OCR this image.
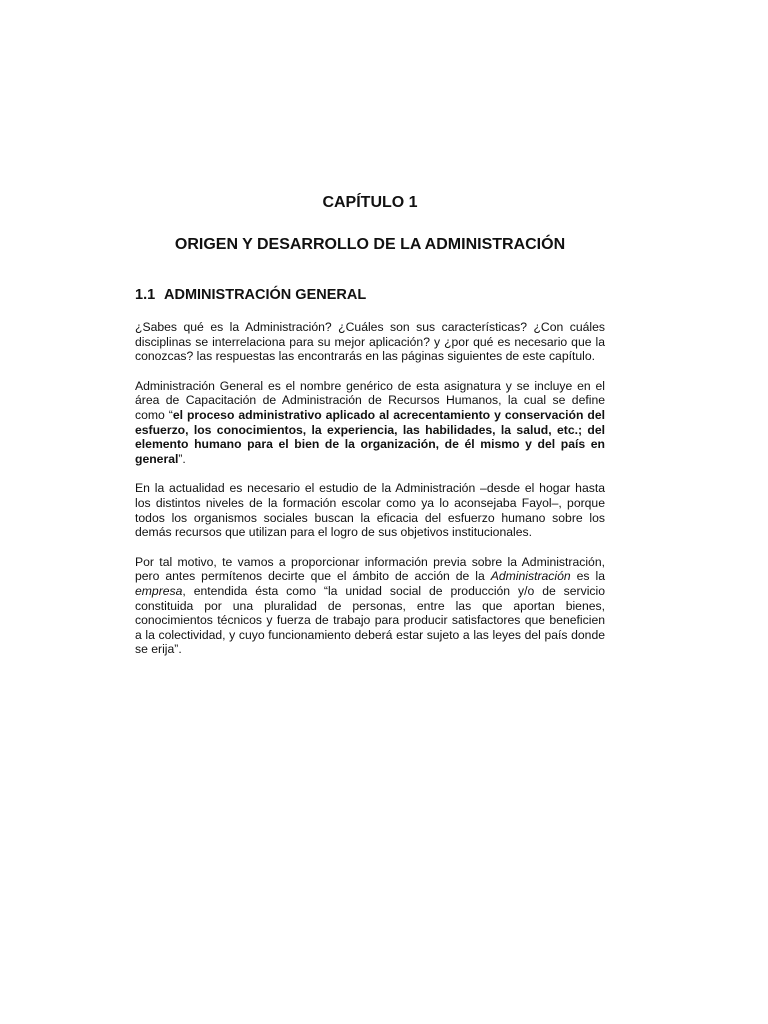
CAPÍTULO 1
ORIGEN Y DESARROLLO DE LA ADMINISTRACIÓN
1.1 ADMINISTRACIÓN GENERAL

¿Sabes qué es la Administración? ¿Cuáles son sus características? ¿Con cuáles disciplinas se interrelaciona para su mejor aplicación? y ¿por qué es necesario que la conozcas? las respuestas las encontrarás en las páginas siguientes de este capítulo.

Administración General es el nombre genérico de esta asignatura y se incluye en el área de Capacitación de Administración de Recursos Humanos, la cual se define como “el proceso administrativo aplicado al acrecentamiento y conservación del esfuerzo, los conocimientos, la experiencia, las habilidades, la salud, etc.; del elemento humano para el bien de la organización, de él mismo y del país en general”.

En la actualidad es necesario el estudio de la Administración –desde el hogar hasta los distintos niveles de la formación escolar como ya lo aconsejaba Fayol–, porque todos los organismos sociales buscan la eficacia del esfuerzo humano sobre los demás recursos que utilizan para el logro de sus objetivos institucionales.

Por tal motivo, te vamos a proporcionar información previa sobre la Administración, pero antes permítenos decirte que el ámbito de acción de la Administración es la empresa, entendida ésta como “la unidad social de producción y/o de servicio constituida por una pluralidad de personas, entre las que aportan bienes, conocimientos técnicos y fuerza de trabajo para producir satisfactores que beneficien a la colectividad, y cuyo funcionamiento deberá estar sujeto a las leyes del país donde se erija”.
